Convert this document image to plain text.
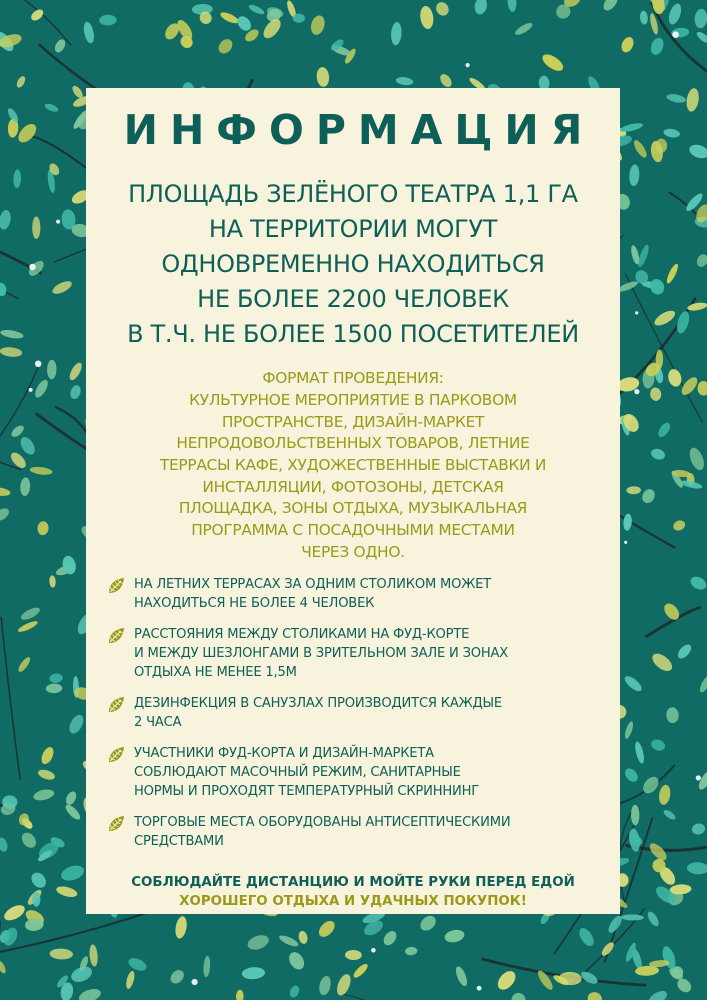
ИНФОРМАЦИЯ
ПЛОЩАДЬ ЗЕЛЁНОГО ТЕАТРА 1,1 ГА
НА ТЕРРИТОРИИ МОГУТ
ОДНОВРЕМЕННО НАХОДИТЬСЯ
НЕ БОЛЕЕ 2200 ЧЕЛОВЕК
В Т.Ч. НЕ БОЛЕЕ 1500 ПОСЕТИТЕЛЕЙ
ФОРМАТ ПРОВЕДЕНИЯ:
КУЛЬТУРНОЕ МЕРОПРИЯТИЕ В ПАРКОВОМ
ПРОСТРАНСТВЕ, ДИЗАЙН-МАРКЕТ
НЕПРОДОВОЛЬСТВЕННЫХ ТОВАРОВ, ЛЕТНИЕ
ТЕРРАСЫ КАФЕ, ХУДОЖЕСТВЕННЫЕ ВЫСТАВКИ И
ИНСТАЛЛЯЦИИ, ФОТОЗОНЫ, ДЕТСКАЯ
ПЛОЩАДКА, ЗОНЫ ОТДЫХА, МУЗЫКАЛЬНАЯ
ПРОГРАММА С ПОСАДОЧНЫМИ МЕСТАМИ
ЧЕРЕЗ ОДНО.
НА ЛЕТНИХ ТЕРРАСАХ ЗА ОДНИМ СТОЛИКОМ МОЖЕТ
НАХОДИТЬСЯ НЕ БОЛЕЕ 4 ЧЕЛОВЕК
РАССТОЯНИЯ МЕЖДУ СТОЛИКАМИ НА ФУД-КОРТЕ
И МЕЖДУ ШЕЗЛОНГАМИ В ЗРИТЕЛЬНОМ ЗАЛЕ И ЗОНАХ
ОТДЫХА НЕ МЕНЕЕ 1,5М
ДЕЗИНФЕКЦИЯ В САНУЗЛАХ ПРОИЗВОДИТСЯ КАЖДЫЕ
2 ЧАСА
УЧАСТНИКИ ФУД-КОРТА И ДИЗАЙН-МАРКЕТА
СОБЛЮДАЮТ МАСОЧНЫЙ РЕЖИМ, САНИТАРНЫЕ
НОРМЫ И ПРОХОДЯТ ТЕМПЕРАТУРНЫЙ СКРИННИНГ
ТОРГОВЫЕ МЕСТА ОБОРУДОВАНЫ АНТИСЕПТИЧЕСКИМИ
СРЕДСТВАМИ
СОБЛЮДАЙТЕ ДИСТАНЦИЮ И МОЙТЕ РУКИ ПЕРЕД ЕДОЙ
ХОРОШЕГО ОТДЫХА И УДАЧНЫХ ПОКУПОК!
